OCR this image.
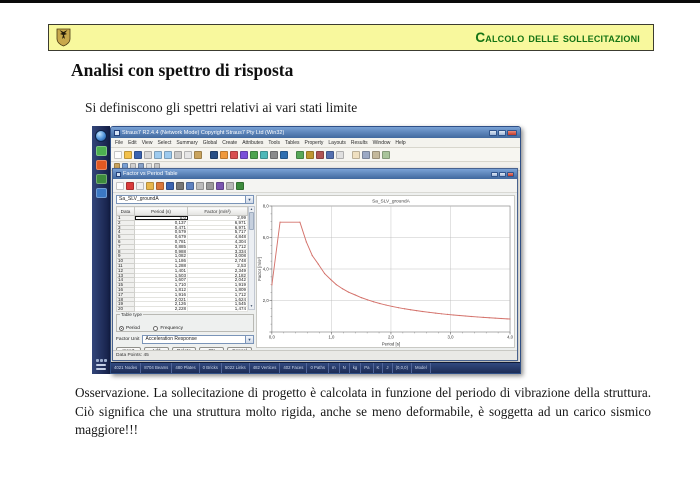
Calcolo delle sollecitazioni
Analisi con spettro di risposta

Si definiscono gli spettri relativi ai vari stati limite

Straus7 R2.4.4 (Network Mode) Copyright Straus7 Pty Ltd (Win32)
File Edit View Select Summary Global Create Attributes Tools Tables Property Layouts Results Window Help
Factor vs Period Table
Sa_SLV_groundA	▼
Data	Period (s)	Factor (m/s²)
1	0,0	2,99
2	0,137	6,971
3	0,471	6,971
4	0,579	5,717
5	0,679	4,848
6	0,781	4,304
7	0,885	3,712
8	0,988	3,334
9	1,082	3,008
10	1,186	2,748
11	1,288	2,53
12	1,401	2,349
13	1,503	2,182
14	1,607	2,042
15	1,710	1,919
16	1,812	1,809
17	1,916	1,712
18	2,021	1,624
19	2,126	1,545
20	2,228	1,474
▲
▼
Table type
Period
	Frequency
Factor Unit	Acceleration Response	▼	0,0	1,0	2,0	3,0	4,0
2,0
4,0
6,0
8,0
Sa_SLV_groundA
Period [s]
Factor [m/s²]
Data Points: 45
4021 Nodes	8704 Beams	480 Plates	0 Bricks	5022 Links	482 Vertices	402 Faces	0 Paths	m	N	kg	Pa	K	J	(0,0,0)	Model

Osservazione. La sollecitazione di progetto è calcolata in funzione del periodo di vibrazione della struttura. Ciò significa che una struttura molto rigida, anche se meno deformabile, è soggetta ad un carico sismico maggiore!!!
